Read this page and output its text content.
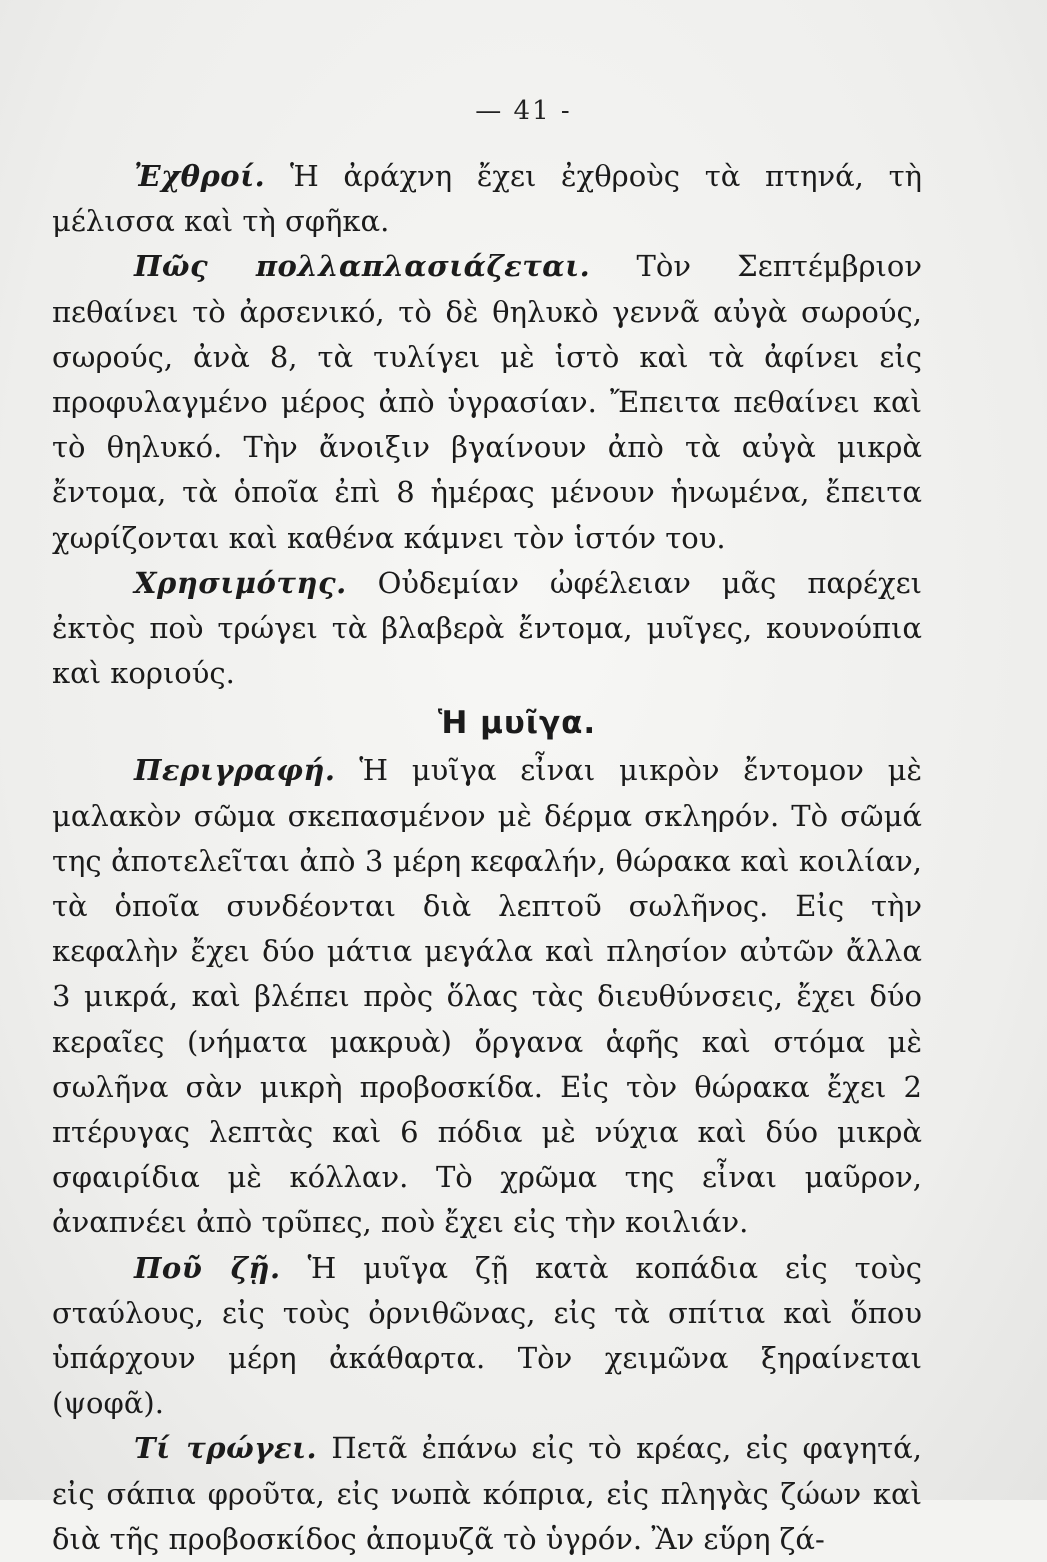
— 41 -

Ἐχθροί. Ἡ ἀράχνη ἔχει ἐχθροὺς τὰ πτηνά, τὴ μέλισσα καὶ τὴ σφῆκα.

Πῶς πολλαπλασιάζεται. Τὸν Σεπτέμβριον πεθαίνει τὸ ἀρσενικό, τὸ δὲ θηλυκὸ γεννᾶ αὐγὰ σωρούς, σωρούς, ἀνὰ 8, τὰ τυλίγει μὲ ἱστὸ καὶ τὰ ἀφίνει εἰς προφυλαγμένο μέρος ἀπὸ ὑγρασίαν. Ἔπειτα πεθαίνει καὶ τὸ θηλυκό. Τὴν ἄνοιξιν βγαίνουν ἀπὸ τὰ αὐγὰ μικρὰ ἔντομα, τὰ ὁποῖα ἐπὶ 8 ἡμέρας μένουν ἡνωμένα, ἔπειτα χωρίζονται καὶ καθένα κάμνει τὸν ἱστόν του.

Χρησιμότης. Οὐδεμίαν ὠφέλειαν μᾶς παρέχει ἐκτὸς ποὺ τρώγει τὰ βλαβερὰ ἔντομα, μυῖγες, κουνούπια καὶ κοριούς.

Ἡ μυῖγα.

Περιγραφή. Ἡ μυῖγα εἶναι μικρὸν ἔντομον μὲ μαλακὸν σῶμα σκεπασμένον μὲ δέρμα σκληρόν. Τὸ σῶμά της ἀποτελεῖται ἀπὸ 3 μέρη κεφαλήν, θώρακα καὶ κοιλίαν, τὰ ὁποῖα συνδέονται διὰ λεπτοῦ σωλῆνος. Εἰς τὴν κεφαλὴν ἔχει δύο μάτια μεγάλα καὶ πλησίον αὐτῶν ἄλλα 3 μικρά, καὶ βλέπει πρὸς ὅλας τὰς διευθύνσεις, ἔχει δύο κεραῖες (νήματα μακρυὰ) ὄργανα ἁφῆς καὶ στόμα μὲ σωλῆνα σὰν μικρὴ προβοσκίδα. Εἰς τὸν θώρακα ἔχει 2 πτέρυγας λεπτὰς καὶ 6 πόδια μὲ νύχια καὶ δύο μικρὰ σφαιρίδια μὲ κόλλαν. Τὸ χρῶμα της εἶναι μαῦρον, ἀναπνέει ἀπὸ τρῦπες, ποὺ ἔχει εἰς τὴν κοιλιάν.

Ποῦ ζῇ. Ἡ μυῖγα ζῇ κατὰ κοπάδια εἰς τοὺς σταύλους, εἰς τοὺς ὀρνιθῶνας, εἰς τὰ σπίτια καὶ ὅπου ὑπάρχουν μέρη ἀκάθαρτα. Τὸν χειμῶνα ξηραίνεται (ψοφᾶ).

Τί τρώγει. Πετᾶ ἐπάνω εἰς τὸ κρέας, εἰς φαγητά, εἰς σάπια φροῦτα, εἰς νωπὰ κόπρια, εἰς πληγὰς ζώων καὶ διὰ τῆς προβοσκίδος ἀπομυζᾶ τὸ ὑγρόν. Ἂν εὕρη ζά-
